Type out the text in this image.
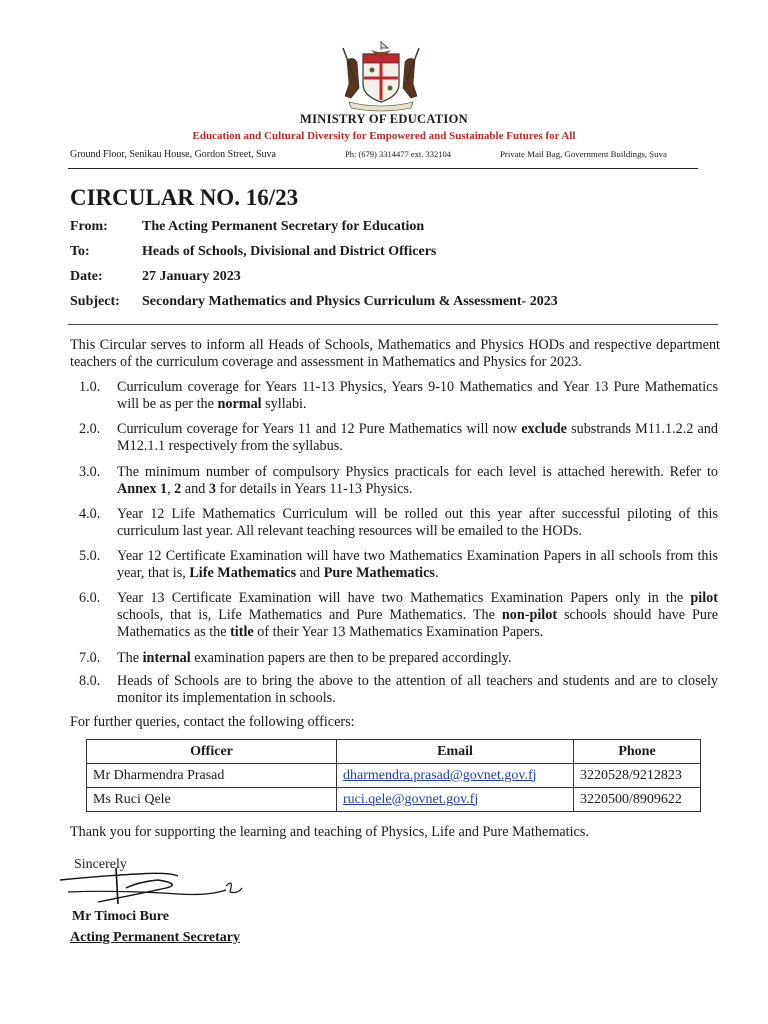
MINISTRY OF EDUCATION
Education and Cultural Diversity for Empowered and Sustainable Futures for All
Ground Floor, Senikau House, Gordon Street, Suva	Ph: (679) 3314477 ext. 332104	Private Mail Bag, Government Buildings, Suva
CIRCULAR NO. 16/23
From: The Acting Permanent Secretary for Education
To:	Heads of Schools, Divisional and District Officers
Date:	27 January 2023
Subject: Secondary Mathematics and Physics Curriculum & Assessment- 2023
This Circular serves to inform all Heads of Schools, Mathematics and Physics HODs and respective department teachers of the curriculum coverage and assessment in Mathematics and Physics for 2023.
1.0. Curriculum coverage for Years 11-13 Physics, Years 9-10 Mathematics and Year 13 Pure Mathematics will be as per the normal syllabi.
2.0. Curriculum coverage for Years 11 and 12 Pure Mathematics will now exclude substrands M11.1.2.2 and M12.1.1 respectively from the syllabus.
3.0. The minimum number of compulsory Physics practicals for each level is attached herewith. Refer to Annex 1, 2 and 3 for details in Years 11-13 Physics.
4.0. Year 12 Life Mathematics Curriculum will be rolled out this year after successful piloting of this curriculum last year. All relevant teaching resources will be emailed to the HODs.
5.0. Year 12 Certificate Examination will have two Mathematics Examination Papers in all schools from this year, that is, Life Mathematics and Pure Mathematics.
6.0. Year 13 Certificate Examination will have two Mathematics Examination Papers only in the pilot schools, that is, Life Mathematics and Pure Mathematics. The non-pilot schools should have Pure Mathematics as the title of their Year 13 Mathematics Examination Papers.
7.0. The internal examination papers are then to be prepared accordingly.
8.0. Heads of Schools are to bring the above to the attention of all teachers and students and are to closely monitor its implementation in schools.
For further queries, contact the following officers:
Officer	Email	Phone
Mr Dharmendra Prasad	dharmendra.prasad@govnet.gov.fj	3220528/9212823
Ms Ruci Qele	ruci.qele@govnet.gov.fj	3220500/8909622
Thank you for supporting the learning and teaching of Physics, Life and Pure Mathematics.
Sincerely
Mr Timoci Bure
Acting Permanent Secretary
